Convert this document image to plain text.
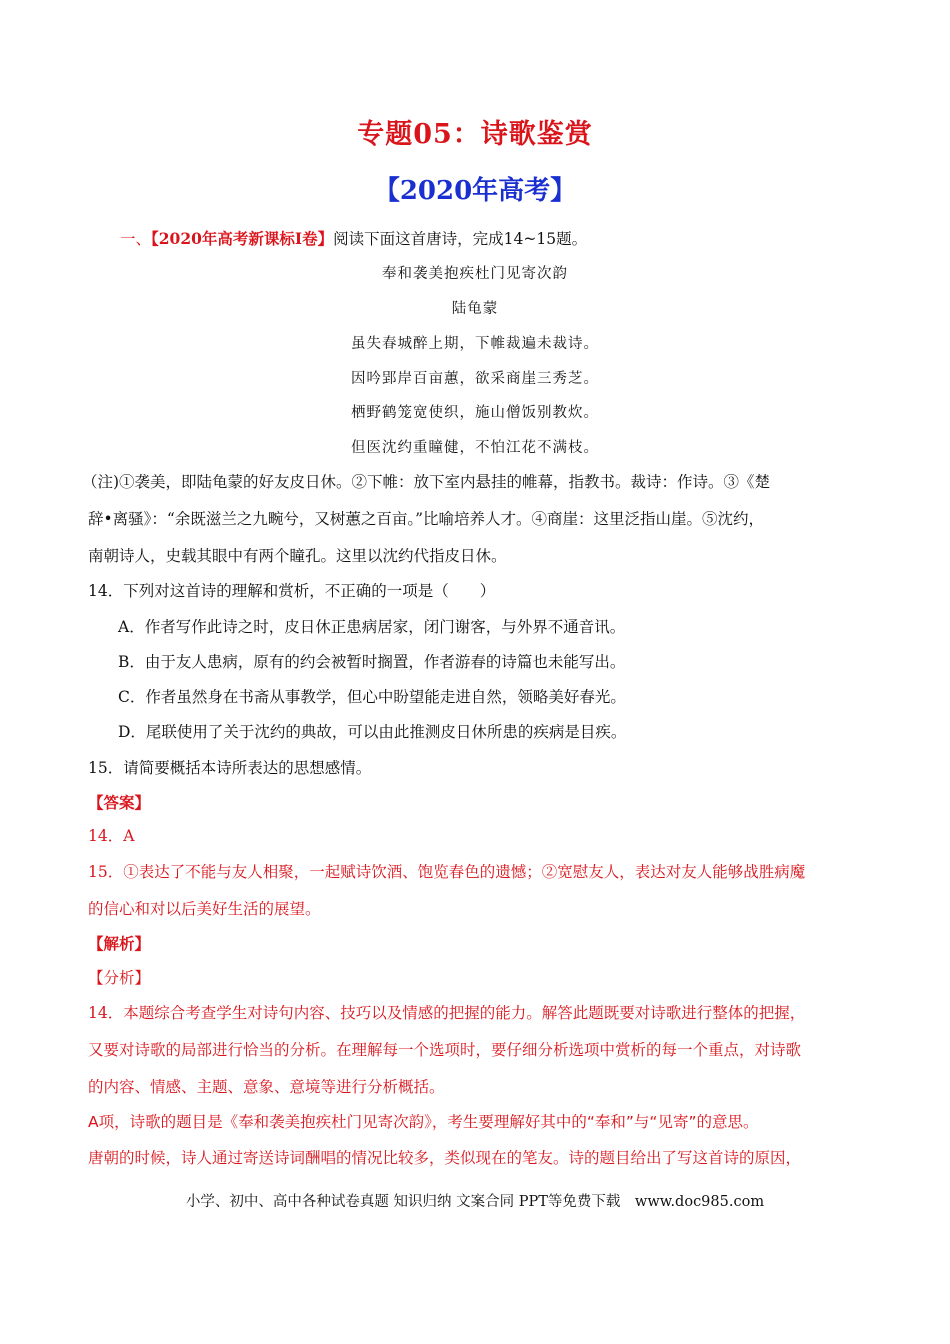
专题05：诗歌鉴赏
【2020年高考】
一、【2020年高考新课标Ⅰ卷】阅读下面这首唐诗，完成14~15题。
奉和袭美抱疾杜门见寄次韵
陆龟蒙
虽失春城醉上期，下帷裁遍未裁诗。
因吟郢岸百亩蕙，欲采商崖三秀芝。
栖野鹤笼宽使织，施山僧饭别教炊。
但医沈约重瞳健，不怕江花不满枝。
（注)①袭美，即陆龟蒙的好友皮日休。②下帷：放下室内悬挂的帷幕，指教书。裁诗：作诗。③《楚
辞•离骚》：“余既滋兰之九畹兮，又树蕙之百亩。”比喻培养人才。④商崖：这里泛指山崖。⑤沈约，
南朝诗人，史载其眼中有两个瞳孔。这里以沈约代指皮日休。
14．下列对这首诗的理解和赏析，不正确的一项是（　　）
A．作者写作此诗之时，皮日休正患病居家，闭门谢客，与外界不通音讯。
B．由于友人患病，原有的约会被暂时搁置，作者游春的诗篇也未能写出。
C．作者虽然身在书斋从事教学，但心中盼望能走进自然，领略美好春光。
D．尾联使用了关于沈约的典故，可以由此推测皮日休所患的疾病是目疾。
15．请简要概括本诗所表达的思想感情。
【答案】
14．A
15．①表达了不能与友人相聚，一起赋诗饮酒、饱览春色的遗憾；②宽慰友人，表达对友人能够战胜病魔
的信心和对以后美好生活的展望。
【解析】
【分析】
14．本题综合考查学生对诗句内容、技巧以及情感的把握的能力。解答此题既要对诗歌进行整体的把握，
又要对诗歌的局部进行恰当的分析。在理解每一个选项时，要仔细分析选项中赏析的每一个重点，对诗歌
的内容、情感、主题、意象、意境等进行分析概括。
A项，诗歌的题目是《奉和袭美抱疾杜门见寄次韵》，考生要理解好其中的“奉和”与“见寄”的意思。
唐朝的时候，诗人通过寄送诗词酬唱的情况比较多，类似现在的笔友。诗的题目给出了写这首诗的原因，
小学、初中、高中各种试卷真题 知识归纳 文案合同 PPT等免费下载　www.doc985.com
